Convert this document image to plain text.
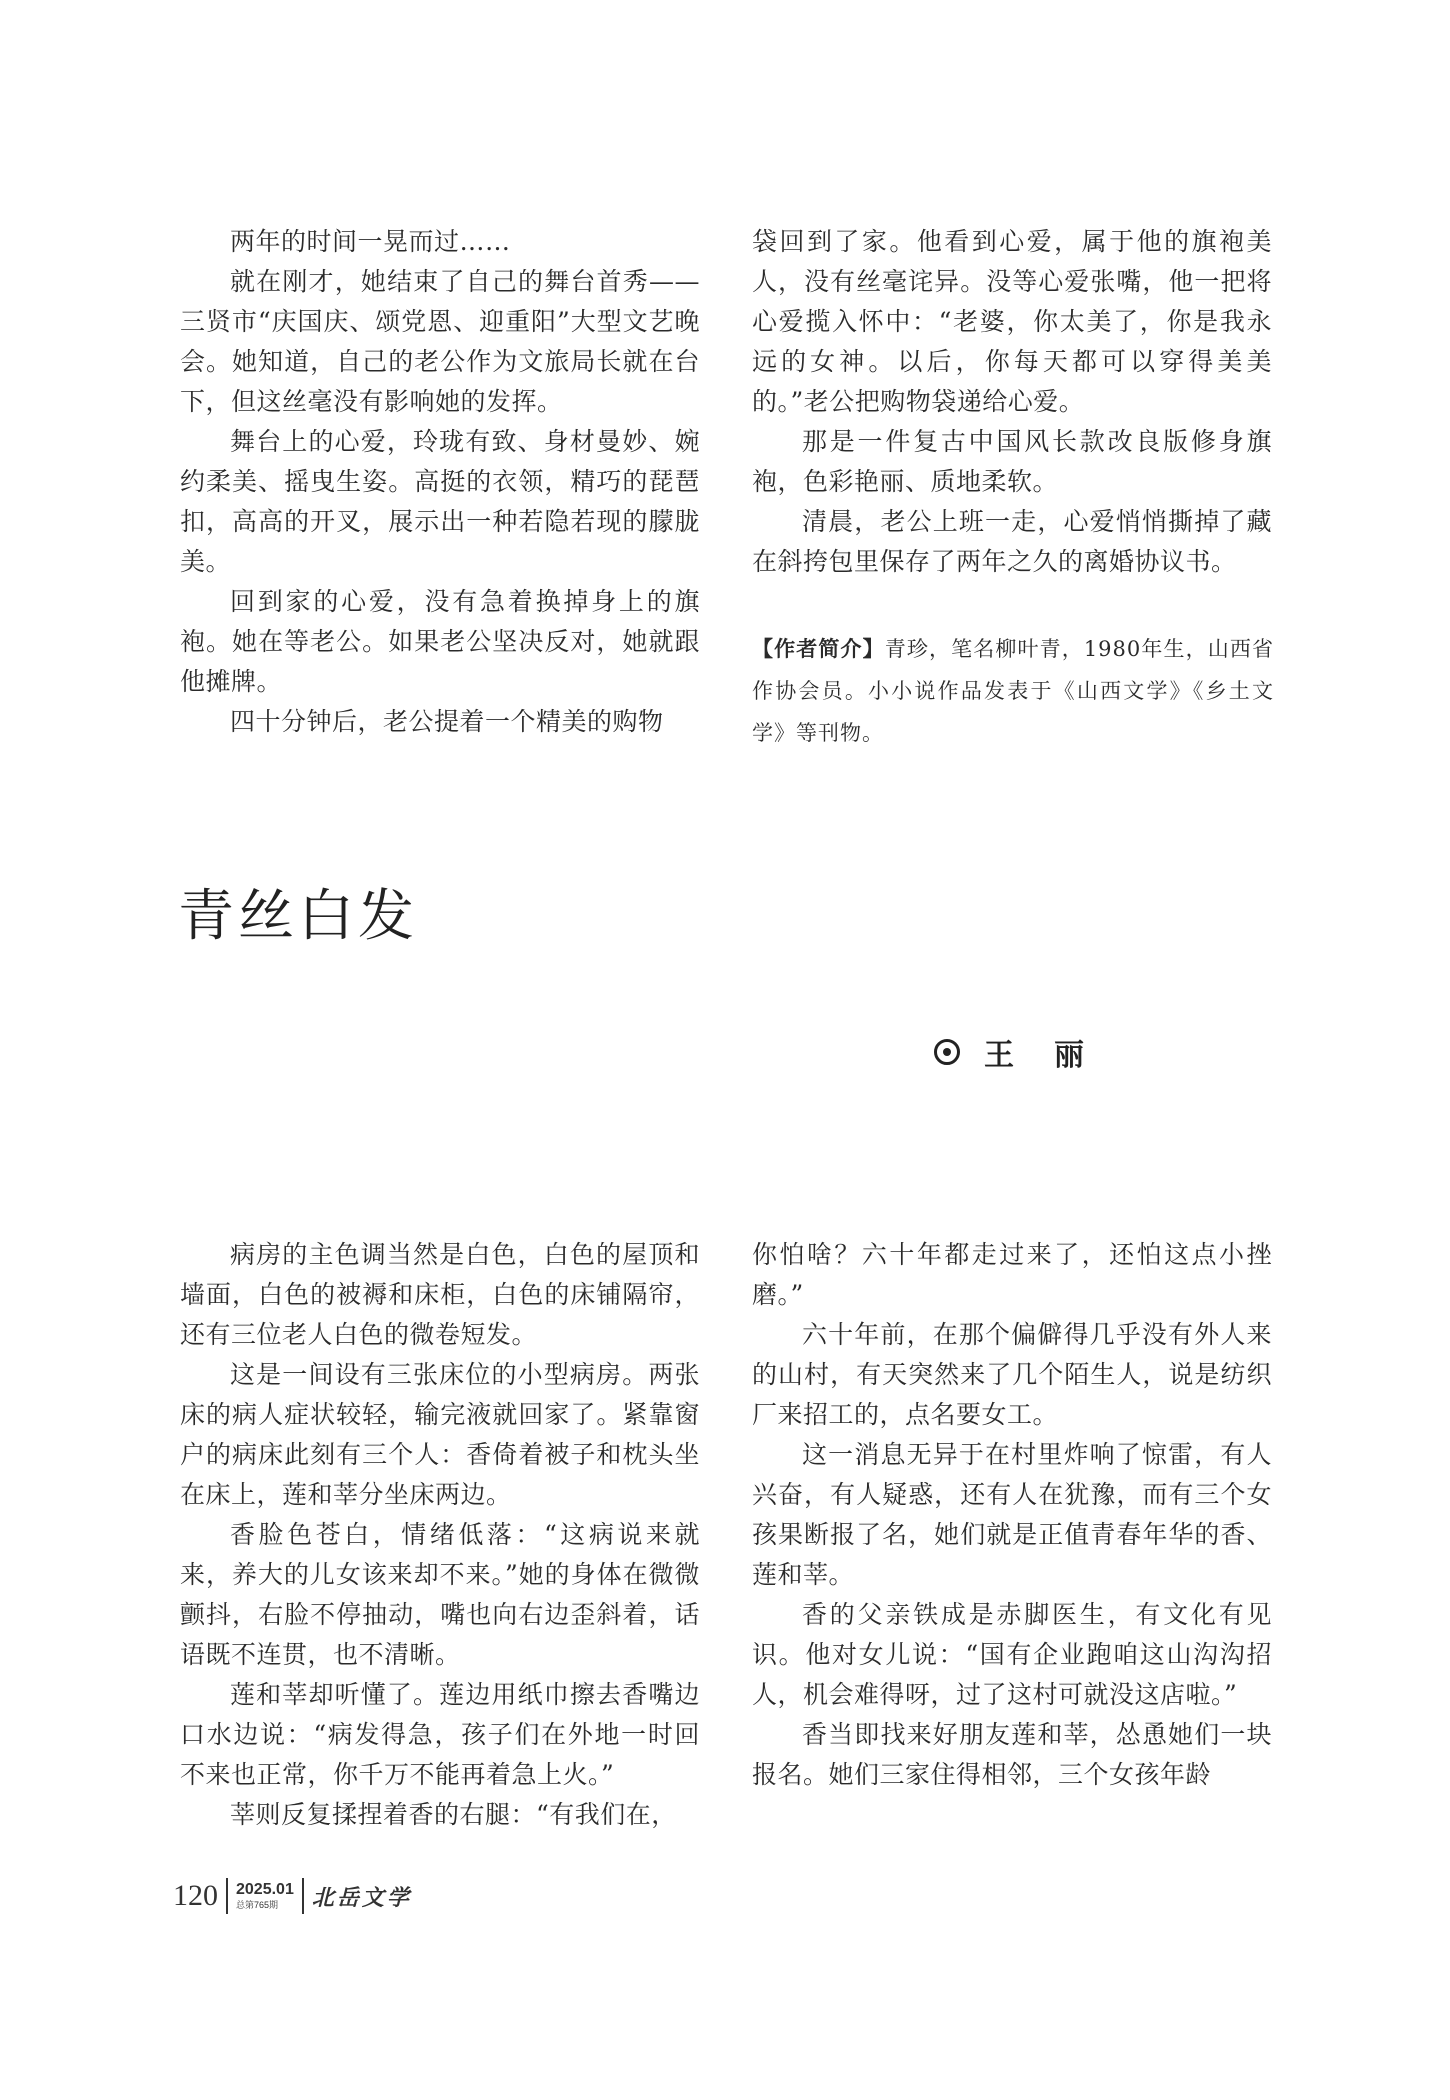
两年的时间一晃而过……

就在刚才，她结束了自己的舞台首秀——三贤市“庆国庆、颂党恩、迎重阳”大型文艺晚会。她知道，自己的老公作为文旅局长就在台下，但这丝毫没有影响她的发挥。

舞台上的心爱，玲珑有致、身材曼妙、婉约柔美、摇曳生姿。高挺的衣领，精巧的琵琶扣，高高的开叉，展示出一种若隐若现的朦胧美。

回到家的心爱，没有急着换掉身上的旗袍。她在等老公。如果老公坚决反对，她就跟他摊牌。

四十分钟后，老公提着一个精美的购物

袋回到了家。他看到心爱，属于他的旗袍美人，没有丝毫诧异。没等心爱张嘴，他一把将心爱揽入怀中：“老婆，你太美了，你是我永远的女神。以后，你每天都可以穿得美美的。”老公把购物袋递给心爱。

那是一件复古中国风长款改良版修身旗袍，色彩艳丽、质地柔软。

清晨，老公上班一走，心爱悄悄撕掉了藏在斜挎包里保存了两年之久的离婚协议书。

【作者简介】青珍，笔名柳叶青，1980年生，山西省作协会员。小小说作品发表于《山西文学》《乡土文学》等刊物。
青丝白发
王丽

病房的主色调当然是白色，白色的屋顶和墙面，白色的被褥和床柜，白色的床铺隔帘，还有三位老人白色的微卷短发。

这是一间设有三张床位的小型病房。两张床的病人症状较轻，输完液就回家了。紧靠窗户的病床此刻有三个人：香倚着被子和枕头坐在床上，莲和莘分坐床两边。

香脸色苍白，情绪低落：“这病说来就来，养大的儿女该来却不来。”她的身体在微微颤抖，右脸不停抽动，嘴也向右边歪斜着，话语既不连贯，也不清晰。

莲和莘却听懂了。莲边用纸巾擦去香嘴边口水边说：“病发得急，孩子们在外地一时回不来也正常，你千万不能再着急上火。”

莘则反复揉捏着香的右腿：“有我们在，

你怕啥？六十年都走过来了，还怕这点小挫磨。”

六十年前，在那个偏僻得几乎没有外人来的山村，有天突然来了几个陌生人，说是纺织厂来招工的，点名要女工。

这一消息无异于在村里炸响了惊雷，有人兴奋，有人疑惑，还有人在犹豫，而有三个女孩果断报了名，她们就是正值青春年华的香、莲和莘。

香的父亲铁成是赤脚医生，有文化有见识。他对女儿说：“国有企业跑咱这山沟沟招人，机会难得呀，过了这村可就没这店啦。”

香当即找来好朋友莲和莘，怂恿她们一块报名。她们三家住得相邻，三个女孩年龄

120 2025.01
总第765期	北岳文学
